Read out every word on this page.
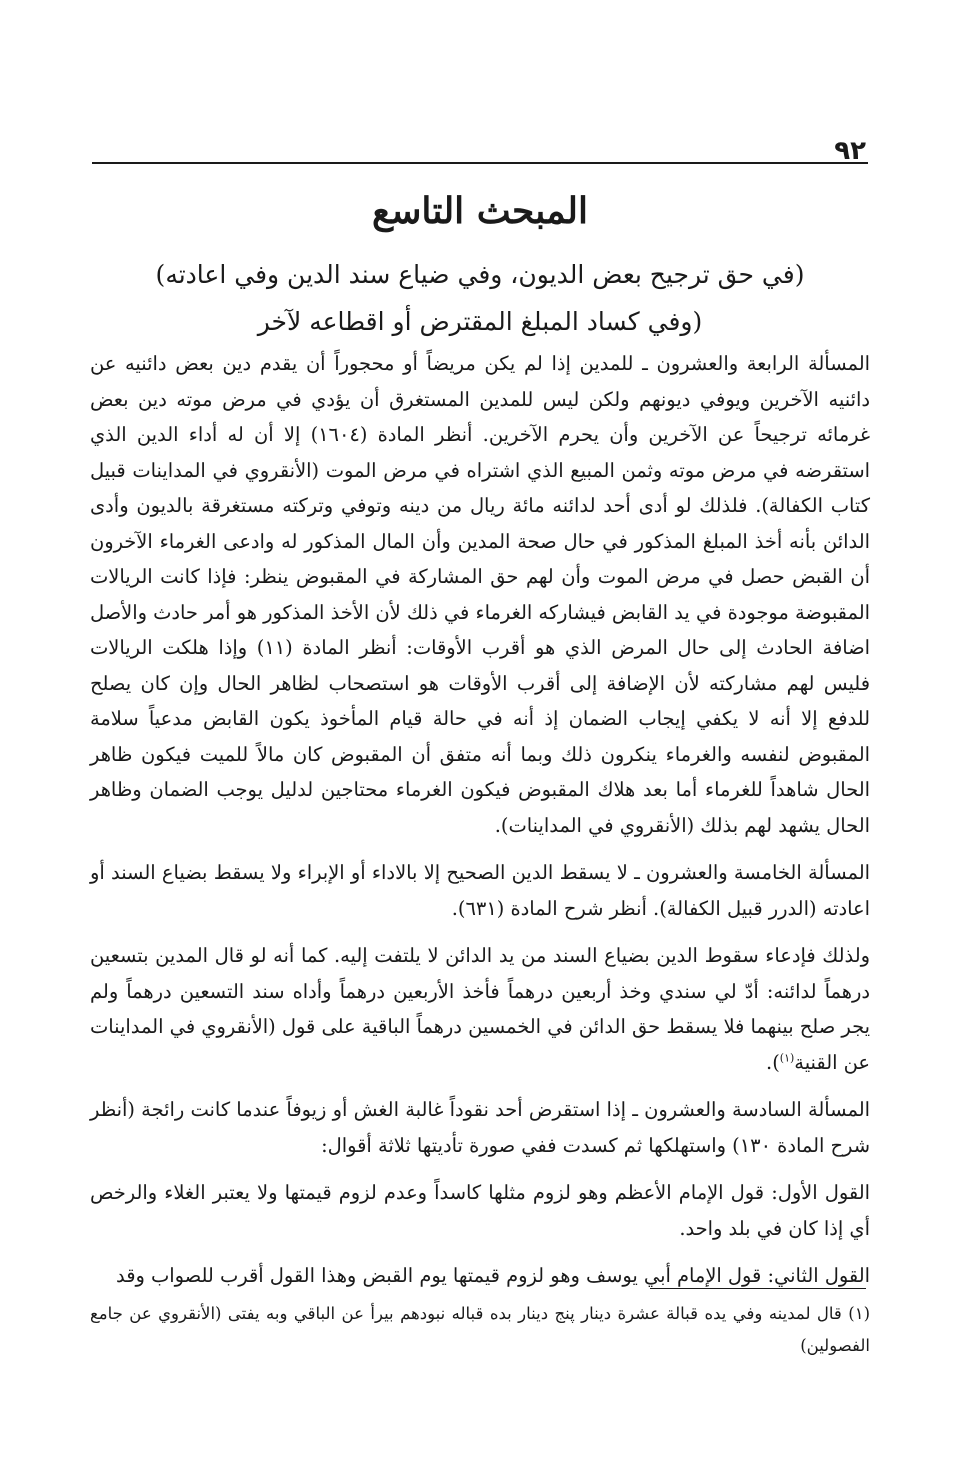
٩٢
المبحث التاسع
(في حق ترجيح بعض الديون، وفي ضياع سند الدين وفي اعادته)
وفي كساد المبلغ المقترض أو اقطاعه لآخر)

المسألة الرابعة والعشرون ـ للمدين إذا لم يكن مريضاً أو محجوراً أن يقدم دين بعض دائنيه عن دائنيه الآخرين ويوفي ديونهم ولكن ليس للمدين المستغرق أن يؤدي في مرض موته دين بعض غرمائه ترجيحاً عن الآخرين وأن يحرم الآخرين. أنظر المادة (١٦٠٤) إلا أن له أداء الدين الذي استقرضه في مرض موته وثمن المبيع الذي اشتراه في مرض الموت (الأنقروي في المداينات قبيل كتاب الكفالة). فلذلك لو أدى أحد لدائنه مائة ريال من دينه وتوفي وتركته مستغرقة بالديون وأدى الدائن بأنه أخذ المبلغ المذكور في حال صحة المدين وأن المال المذكور له وادعى الغرماء الآخرون أن القبض حصل في مرض الموت وأن لهم حق المشاركة في المقبوض ينظر: فإذا كانت الريالات المقبوضة موجودة في يد القابض فيشاركه الغرماء في ذلك لأن الأخذ المذكور هو أمر حادث والأصل اضافة الحادث إلى حال المرض الذي هو أقرب الأوقات: أنظر المادة (١١) وإذا هلكت الريالات فليس لهم مشاركته لأن الإضافة إلى أقرب الأوقات هو استصحاب لظاهر الحال وإن كان يصلح للدفع إلا أنه لا يكفي إيجاب الضمان إذ أنه في حالة قيام المأخوذ يكون القابض مدعياً سلامة المقبوض لنفسه والغرماء ينكرون ذلك وبما أنه متفق أن المقبوض كان مالاً للميت فيكون ظاهر الحال شاهداً للغرماء أما بعد هلاك المقبوض فيكون الغرماء محتاجين لدليل يوجب الضمان وظاهر الحال يشهد لهم بذلك (الأنقروي في المداينات).

المسألة الخامسة والعشرون ـ لا يسقط الدين الصحيح إلا بالاداء أو الإبراء ولا يسقط بضياع السند أو اعادته (الدرر قبيل الكفالة). أنظر شرح المادة (٦٣١).

ولذلك فإدعاء سقوط الدين بضياع السند من يد الدائن لا يلتفت إليه. كما أنه لو قال المدين بتسعين درهماً لدائنه: أدّ لي سندي وخذ أربعين درهماً فأخذ الأربعين درهماً وأداه سند التسعين درهماً ولم يجر صلح بينهما فلا يسقط حق الدائن في الخمسين درهماً الباقية على قول (الأنقروي في المداينات عن القنية$^{(١)}$).

المسألة السادسة والعشرون ـ إذا استقرض أحد نقوداً غالبة الغش أو زيوفاً عندما كانت رائجة (أنظر شرح المادة ١٣٠) واستهلكها ثم كسدت ففي صورة تأديتها ثلاثة أقوال:

القول الأول: قول الإمام الأعظم وهو لزوم مثلها كاسداً وعدم لزوم قيمتها ولا يعتبر الغلاء والرخص أي إذا كان في بلد واحد.

القول الثاني: قول الإمام أبي يوسف وهو لزوم قيمتها يوم القبض وهذا القول أقرب للصواب وقد

(١) قال لمدينه وفي يده قبالة عشرة دينار پنج دينار بده قباله نبودهم بيرأ عن الباقي وبه يفتى (الأنقروي عن جامع الفصولين)
